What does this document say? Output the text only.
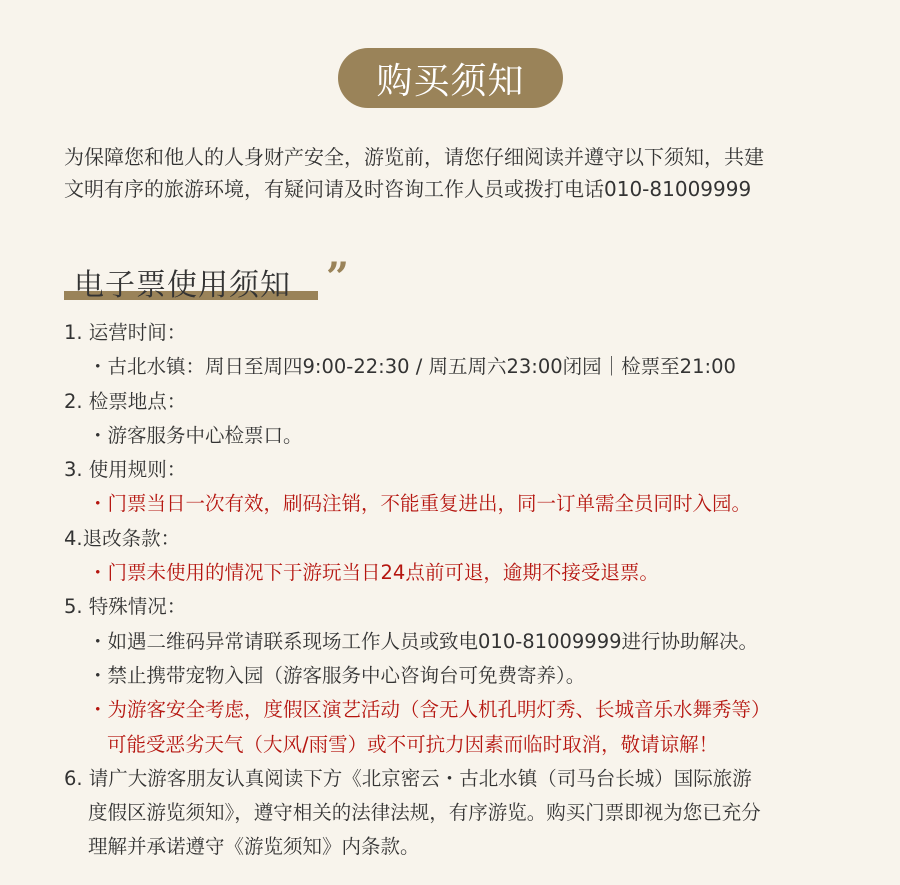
购买须知
为保障您和他人的人身财产安全，游览前，请您仔细阅读并遵守以下须知，共建
文明有序的旅游环境，有疑问请及时咨询工作人员或拨打电话010-81009999
电子票使用须知 ”
1. 运营时间：
・古北水镇：周日至周四9:00-22:30 / 周五周六23:00闭园｜检票至21:00
2. 检票地点：
・游客服务中心检票口。
3. 使用规则：
・门票当日一次有效，刷码注销，不能重复进出，同一订单需全员同时入园。
4.退改条款：
・门票未使用的情况下于游玩当日24点前可退，逾期不接受退票。
5. 特殊情况：
・如遇二维码异常请联系现场工作人员或致电010-81009999进行协助解决。
・禁止携带宠物入园（游客服务中心咨询台可免费寄养）。
・为游客安全考虑，度假区演艺活动（含无人机孔明灯秀、长城音乐水舞秀等）
可能受恶劣天气（大风/雨雪）或不可抗力因素而临时取消，敬请谅解！
6. 请广大游客朋友认真阅读下方《北京密云・古北水镇（司马台长城）国际旅游
度假区游览须知》，遵守相关的法律法规，有序游览。购买门票即视为您已充分
理解并承诺遵守《游览须知》内条款。
